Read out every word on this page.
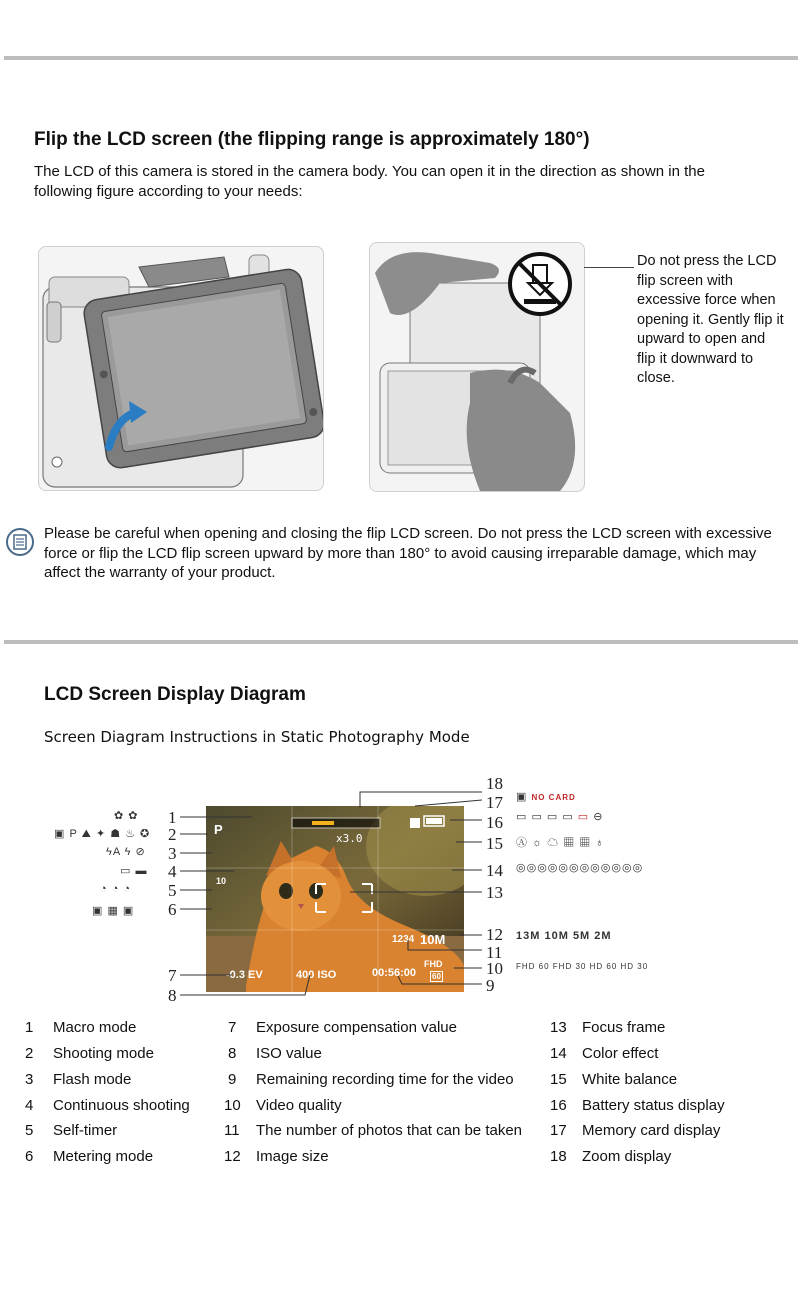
Flip the LCD screen (the flipping range is approximately 180°)
The LCD of this camera is stored in the camera body. You can open it in the direction as shown in the following figure according to your needs:
Do not press the LCD flip screen with excessive force when opening it. Gently flip it upward to open and flip it downward to close.
Please be careful when opening and closing the flip LCD screen. Do not press the LCD screen with excessive force or flip the LCD flip screen upward by more than 180° to avoid causing irreparable damage, which may affect the warranty of your product.
LCD Screen Display Diagram
Screen Diagram Instructions in Static Photography Mode
P
x3.0
10
-0.3 EV	400 ISO	00:56:00
1234 10M
FHD
60
1
2
3
4
5
6
7
8
9
10
11
12
13
14
15
16
17
18
✿ ✿
▣ P ⛰ ✦ ☗ ♨ ✪
ϟA ϟ ⊘
▭ ▬
◔ ◔ ◔
▣ ▦ ▣
▣ NO CARD
▭ ▭ ▭ ▭ ▭ ⊖
Ⓐ ☼ ☁ ▦ ▦ ♁
◎◎◎◎◎◎◎◎◎◎◎◎
13M 10M 5M 2M
FHD 60 FHD 30 HD 60 HD 30
1 Macro mode
2 Shooting mode
3 Flash mode
4 Continuous shooting
5 Self-timer
6 Metering mode
7 Exposure compensation value
8 ISO value
9 Remaining recording time for the video
10 Video quality
11 The number of photos that can be taken
12 Image size
13 Focus frame
14 Color effect
15 White balance
16 Battery status display
17 Memory card display
18 Zoom display
